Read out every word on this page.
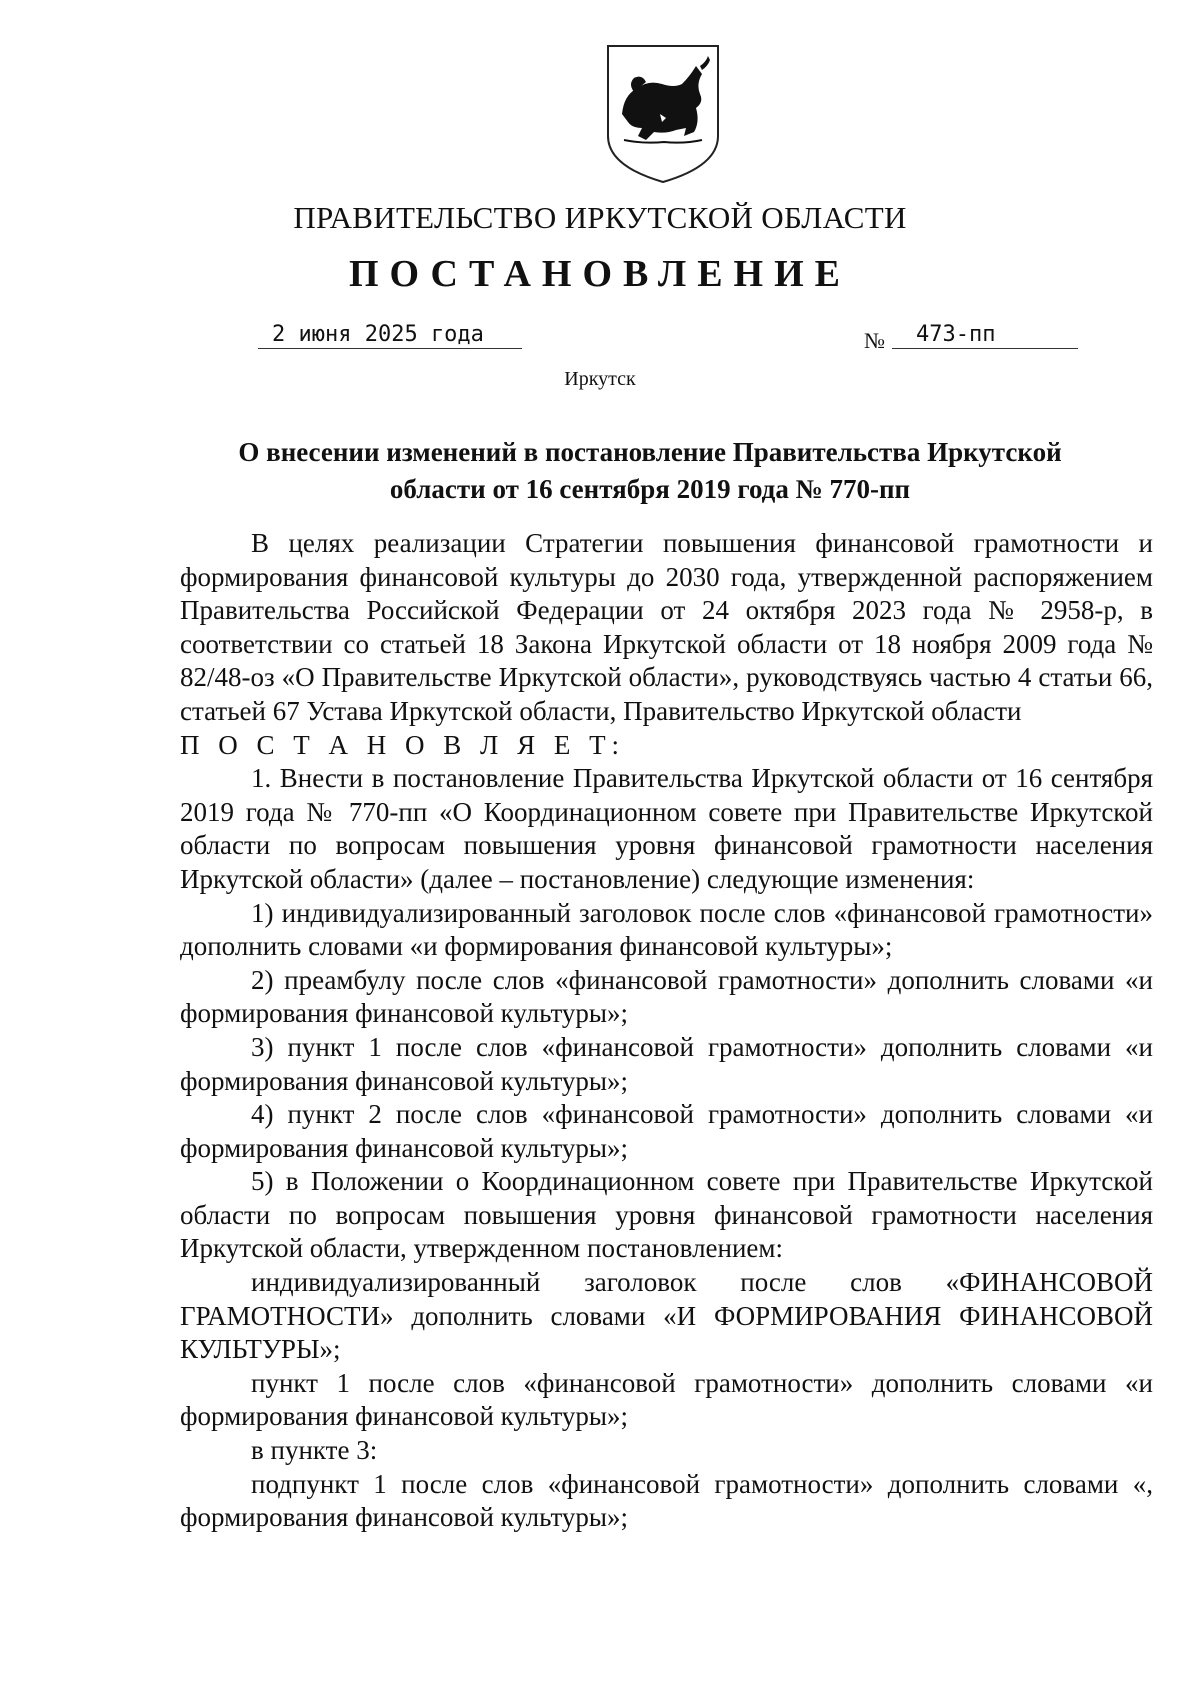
ПРАВИТЕЛЬСТВО ИРКУТСКОЙ ОБЛАСТИ
ПОСТАНОВЛЕНИЕ
2 июня 2025 года	№	473-пп
Иркутск
О внесении изменений в постановление Правительства Иркутской
области от 16 сентября 2019 года № 770-пп

В целях реализации Стратегии повышения финансовой грамотности и формирования финансовой культуры до 2030 года, утвержденной распоряжением Правительства Российской Федерации от 24 октября 2023 года № 2958-р, в соответствии со статьей 18 Закона Иркутской области от 18 ноября 2009 года № 82/48-оз «О Правительстве Иркутской области», руководствуясь частью 4 статьи 66, статьей 67 Устава Иркутской области, Правительство Иркутской области

П О С Т А Н О В Л Я Е Т:

1. Внести в постановление Правительства Иркутской области от 16 сентября 2019 года № 770-пп «О Координационном совете при Правительстве Иркутской области по вопросам повышения уровня финансовой грамотности населения Иркутской области» (далее – постановление) следующие изменения:

1) индивидуализированный заголовок после слов «финансовой грамотности» дополнить словами «и формирования финансовой культуры»;

2) преамбулу после слов «финансовой грамотности» дополнить словами «и формирования финансовой культуры»;

3) пункт 1 после слов «финансовой грамотности» дополнить словами «и формирования финансовой культуры»;

4) пункт 2 после слов «финансовой грамотности» дополнить словами «и формирования финансовой культуры»;

5) в Положении о Координационном совете при Правительстве Иркутской области по вопросам повышения уровня финансовой грамотности населения Иркутской области, утвержденном постановлением:

индивидуализированный заголовок после слов «ФИНАНСОВОЙ ГРАМОТНОСТИ» дополнить словами «И ФОРМИРОВАНИЯ ФИНАНСОВОЙ КУЛЬТУРЫ»;

пункт 1 после слов «финансовой грамотности» дополнить словами «и формирования финансовой культуры»;

в пункте 3:

подпункт 1 после слов «финансовой грамотности» дополнить словами «, формирования финансовой культуры»;
